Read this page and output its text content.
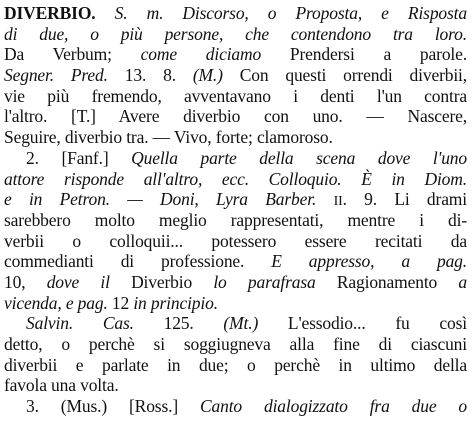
DIVERBIO. S. m. Discorso, o Proposta, e Risposta
di due, o più persone, che contendono tra loro.
Da Verbum; come diciamo Prendersi a parole.
Segner. Pred. 13. 8. (M.) Con questi orrendi diverbii,
vie più fremendo, avventavano i denti l'un contra
l'altro. [T.] Avere diverbio con uno. — Nascere,
Seguire, diverbio tra. — Vivo, forte; clamoroso.
2. [Fanf.] Quella parte della scena dove l'uno
attore risponde all'altro, ecc. Colloquio. È in Diom.
e in Petron. — Doni, Lyra Barber. II. 9. Li drami
sarebbero molto meglio rappresentati, mentre i di-
verbii o colloquii... potessero essere recitati da
commedianti di professione. E appresso, a pag.
10, dove il Diverbio lo parafrasa Ragionamento a
vicenda, e pag. 12 in principio.
Salvin. Cas. 125. (Mt.) L'essodio... fu così
detto, o perchè si soggiugneva alla fine di ciascuni
diverbii e parlate in due; o perchè in ultimo della
favola una volta.
3. (Mus.) [Ross.] Canto dialogizzato fra due o
